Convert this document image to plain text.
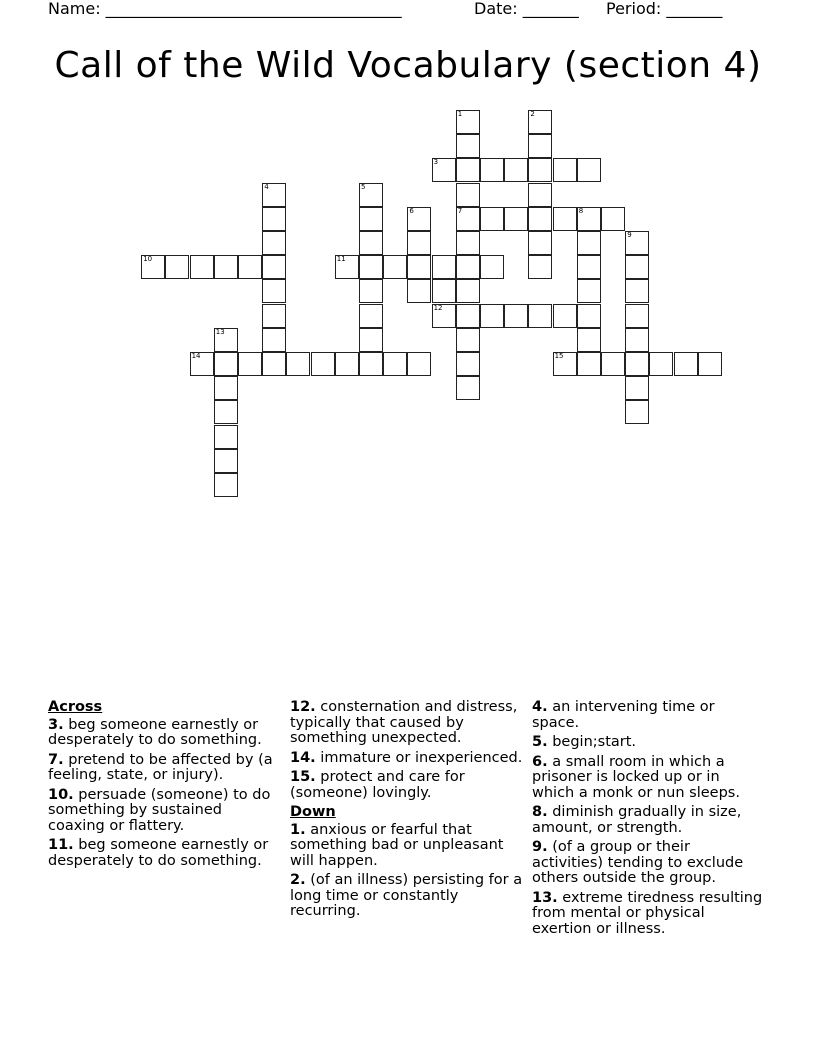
Name: _____________________________________	Date: _______ Period: _______
Call of the Wild Vocabulary (section 4)
1
7
2
3
4	5
6	8
9
10	11
12
13
14	15
Across
3. beg someone earnestly or desperately to do something.
7. pretend to be affected by (a feeling, state, or injury).
10. persuade (someone) to do something by sustained coaxing or flattery.
11. beg someone earnestly or desperately to do something.
12. consternation and distress, typically that caused by something unexpected.
14. immature or inexperienced.
15. protect and care for (someone) lovingly.
Down
1. anxious or fearful that something bad or unpleasant will happen.
2. (of an illness) persisting for a long time or constantly recurring.
4. an intervening time or space.
5. begin;start.
6. a small room in which a prisoner is locked up or in which a monk or nun sleeps.
8. diminish gradually in size, amount, or strength.
9. (of a group or their activities) tending to exclude others outside the group.
13. extreme tiredness resulting from mental or physical exertion or illness.
